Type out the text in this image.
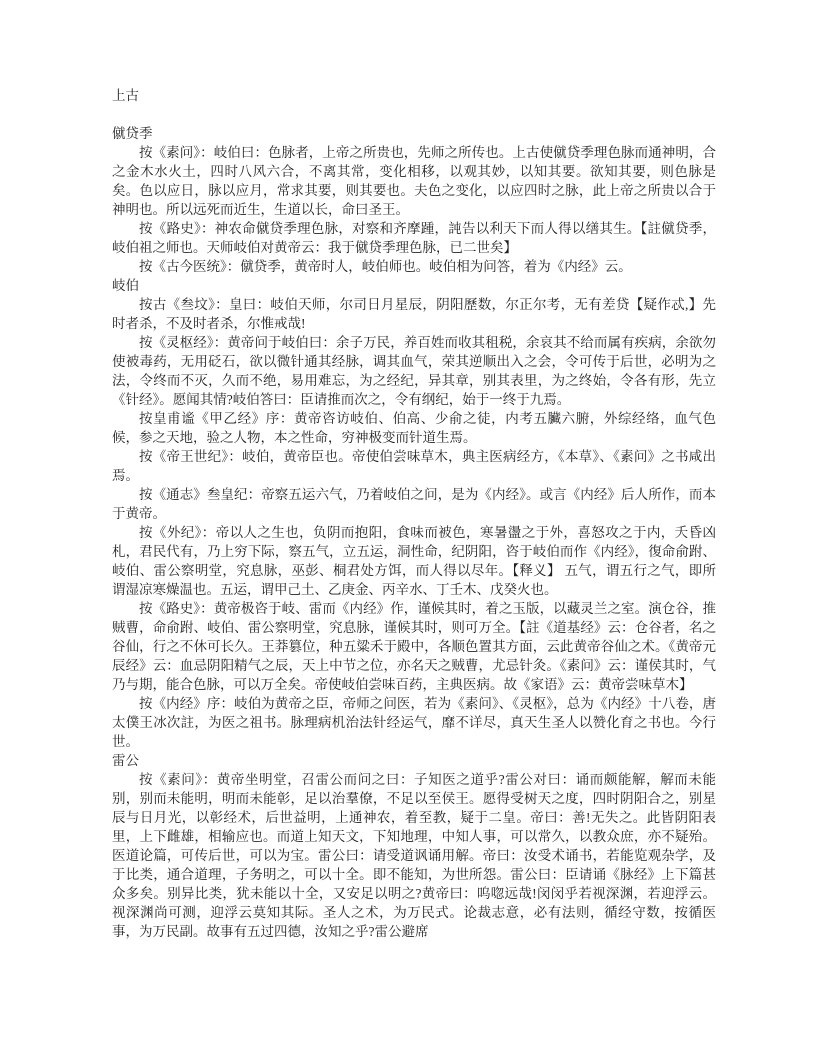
上古
僦贷季

按《素问》：岐伯曰：色脉者，上帝之所贵也，先师之所传也。上古使僦贷季理色脉而通神明，合之金木水火土，四时八风六合，不离其常，变化相移，以观其妙，以知其要。欲知其要，则色脉是矣。色以应日，脉以应月，常求其要，则其要也。夫色之变化，以应四时之脉，此上帝之所贵以合于神明也。所以远死而近生，生道以长，命曰圣王。

按《路史》：神农命僦贷季理色脉，对察和齐摩踵，訰告以利天下而人得以缮其生。【註僦贷季，岐伯祖之师也。天师岐伯对黄帝云：我于僦贷季理色脉，已二世矣】

按《古今医统》：僦贷季，黄帝时人，岐伯师也。岐伯相为问答，着为《内经》云。

岐伯

按古《叁坟》：皇曰：岐伯天师，尔司日月星辰，阴阳歷数，尔正尔考，无有差贷【疑作忒,】先时者杀，不及时者杀，尔惟戒哉!

按《灵枢经》：黄帝问于岐伯曰：余子万民，养百姓而收其租税，余哀其不给而属有疾病，余欲勿使被毒药，无用砭石，欲以微针通其经脉，调其血气，荣其逆顺出入之会，令可传于后世，必明为之法，令终而不灭，久而不绝，易用难忘，为之经纪，异其章，别其表里，为之终始，令各有形，先立《针经》。愿闻其情?岐伯答曰：臣请推而次之，令有纲纪，始于一终于九焉。

按皇甫谧《甲乙经》序：黄帝咨访岐伯、伯高、少俞之徒，内考五臟六腑，外综经络，血气色候，参之天地，验之人物，本之性命，穷神极变而针道生焉。

按《帝王世纪》：岐伯，黄帝臣也。帝使伯尝味草木，典主医病经方，《本草》、《素问》之书咸出焉。

按《通志》叁皇纪：帝察五运六气，乃着岐伯之问，是为《内经》。或言《内经》后人所作，而本于黄帝。

按《外纪》：帝以人之生也，负阴而抱阳，食味而被色，寒暑盪之于外，喜怒攻之于内，夭昏凶札，君民代有，乃上穷下际，察五气，立五运，洞性命，纪阴阳，咨于岐伯而作《内经》，復命俞跗、岐伯、雷公察明堂，究息脉，巫彭、桐君处方饵，而人得以尽年。【释义】 五气，谓五行之气，即所谓湿凉寒燥温也。五运，谓甲己土、乙庚金、丙辛水、丁壬木、戊癸火也。

按《路史》：黄帝极咨于岐、雷而《内经》作，谨候其时，着之玉版，以藏灵兰之室。演仓谷，推贼曹，命俞跗、岐伯、雷公察明堂，究息脉，谨候其时，则可万全。【註《道基经》云：仓谷者，名之谷仙，行之不休可长久。王莽篡位，种五粱禾于殿中，各顺色置其方面，云此黄帝谷仙之术。《黄帝元辰经》云：血忌阴阳精气之辰，天上中节之位，亦名天之贼曹，尤忌针灸。《素问》云：谨侯其时，气乃与期，能合色脉，可以万全矣。帝使岐伯尝味百药，主典医病。故《家语》云：黄帝尝味草木】

按《内经》序：岐伯为黄帝之臣，帝师之问医，若为《素问》、《灵枢》，总为《内经》十八卷，唐太僕王冰次註，为医之祖书。脉理病机治法针经运气，靡不详尽，真天生圣人以赞化育之书也。今行世。

雷公

按《素问》：黄帝坐明堂，召雷公而问之曰：子知医之道乎?雷公对曰：诵而颇能解，解而未能别，别而未能明，明而未能彰，足以治羣僚，不足以至侯王。愿得受树天之度，四时阴阳合之，别星辰与日月光，以彰经术，后世益明，上通神农，着至教，疑于二皇。帝曰：善!无失之。此皆阴阳表里，上下雌雄，相输应也。而道上知天文，下知地理，中知人事，可以常久，以教众庶，亦不疑殆。医道论篇，可传后世，可以为宝。雷公曰：请受道讽诵用解。帝曰：汝受术诵书，若能览观杂学，及于比类，通合道理，子务明之，可以十全。即不能知，为世所怨。雷公曰：臣请诵《脉经》上下篇甚众多矣。别异比类，犹未能以十全，又安足以明之?黄帝曰：呜唿远哉!闵闵乎若视深渊，若迎浮云。视深渊尚可测，迎浮云莫知其际。圣人之术，为万民式。论裁志意，必有法则，循经守数，按循医事，为万民副。故事有五过四德，汝知之乎?雷公避席
